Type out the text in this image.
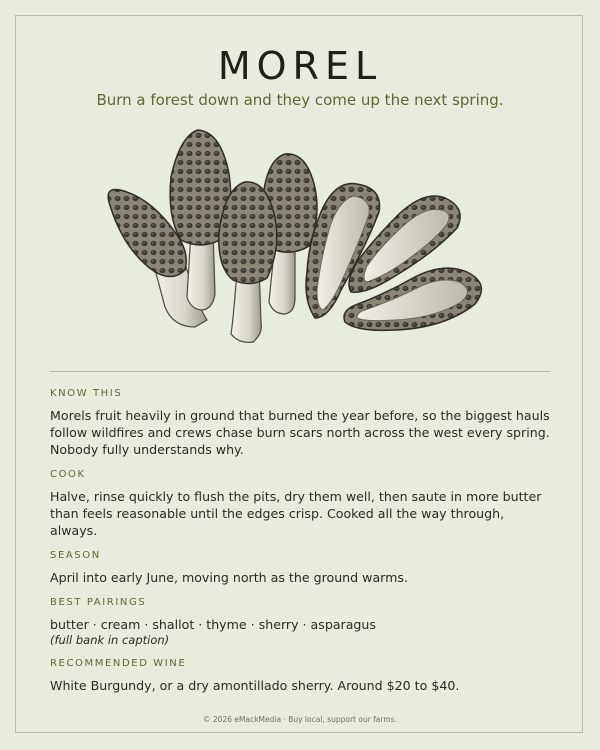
MOREL
Burn a forest down and they come up the next spring.

KNOW THIS

Morels fruit heavily in ground that burned the year before, so the biggest hauls follow wildfires and crews chase burn scars north across the west every spring. Nobody fully understands why.

COOK

Halve, rinse quickly to flush the pits, dry them well, then saute in more butter than feels reasonable until the edges crisp. Cooked all the way through, always.

SEASON

April into early June, moving north as the ground warms.

BEST PAIRINGS

butter · cream · shallot · thyme · sherry · asparagus

(full bank in caption)

RECOMMENDED WINE

White Burgundy, or a dry amontillado sherry. Around $20 to $40.

© 2026 eMackMedia · Buy local, support our farms.
